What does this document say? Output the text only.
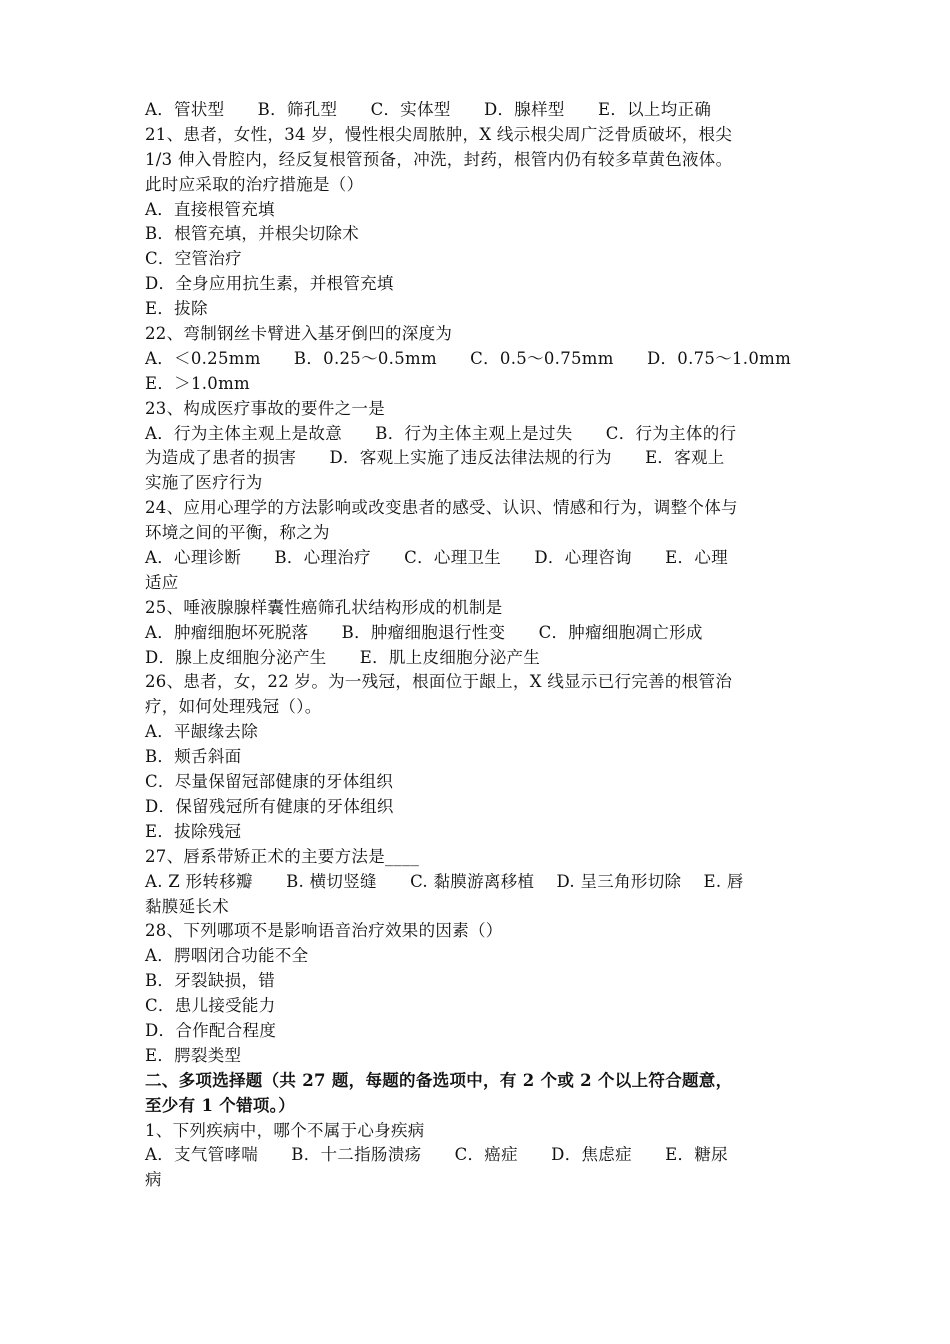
A．管状型      B．筛孔型      C．实体型      D．腺样型      E．以上均正确
21、患者，女性，34 岁，慢性根尖周脓肿，X 线示根尖周广泛骨质破坏，根尖
1/3 伸入骨腔内，经反复根管预备，冲洗，封药，根管内仍有较多草黄色液体。
此时应采取的治疗措施是（）
A．直接根管充填
B．根管充填，并根尖切除术
C．空管治疗
D．全身应用抗生素，并根管充填
E．拔除
22、弯制钢丝卡臂进入基牙倒凹的深度为
A．＜0.25mm      B．0.25～0.5mm      C．0.5～0.75mm      D．0.75～1.0mm
E．＞1.0mm
23、构成医疗事故的要件之一是
A．行为主体主观上是故意      B．行为主体主观上是过失      C．行为主体的行
为造成了患者的损害      D．客观上实施了违反法律法规的行为      E．客观上
实施了医疗行为
24、应用心理学的方法影响或改变患者的感受、认识、情感和行为，调整个体与
环境之间的平衡，称之为
A．心理诊断      B．心理治疗      C．心理卫生      D．心理咨询      E．心理
适应
25、唾液腺腺样囊性癌筛孔状结构形成的机制是
A．肿瘤细胞坏死脱落      B．肿瘤细胞退行性变      C．肿瘤细胞凋亡形成
D．腺上皮细胞分泌产生      E．肌上皮细胞分泌产生
26、患者，女，22 岁。为一残冠，根面位于龈上，X 线显示已行完善的根管治
疗，如何处理残冠（）。
A．平龈缘去除
B．颊舌斜面
C．尽量保留冠部健康的牙体组织
D．保留残冠所有健康的牙体组织
E．拔除残冠
27、唇系带矫正术的主要方法是____
A. Z 形转移瓣      B. 横切竖缝      C. 黏膜游离移植    D. 呈三角形切除    E. 唇
黏膜延长术
28、下列哪项不是影响语音治疗效果的因素（）
A．腭咽闭合功能不全
B．牙裂缺损，错
C．患儿接受能力
D．合作配合程度
E．腭裂类型
二、多项选择题（共 27 题，每题的备选项中，有 2 个或 2 个以上符合题意，
至少有 1 个错项。）
1、下列疾病中，哪个不属于心身疾病
A．支气管哮喘      B．十二指肠溃疡      C．癌症      D．焦虑症      E．糖尿
病
